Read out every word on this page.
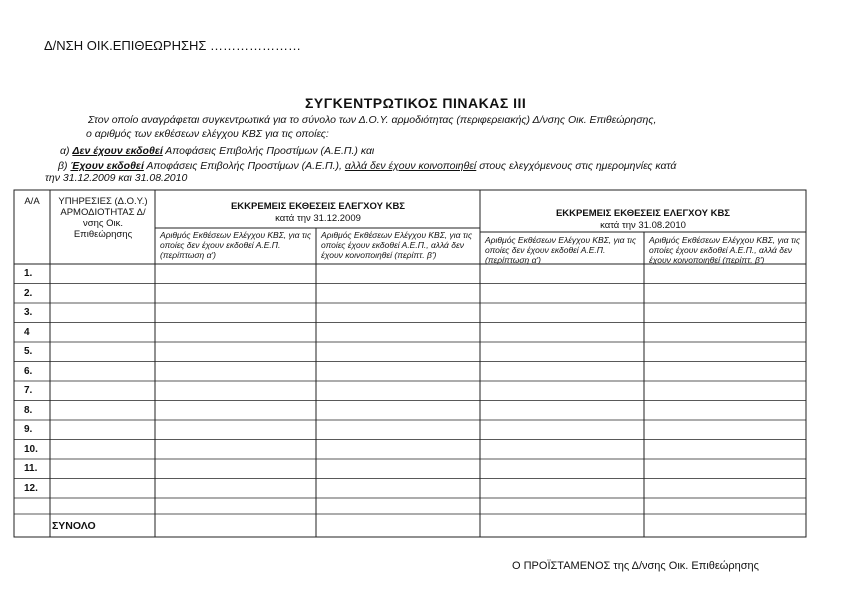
Δ/ΝΣΗ ΟΙΚ.ΕΠΙΘΕΩΡΗΣΗΣ …………………
ΣΥΓΚΕΝΤΡΩΤΙΚΟΣ ΠΙΝΑΚΑΣ ΙΙΙ
Στον οποίο αναγράφεται συγκεντρωτικά για το σύνολο των Δ.Ο.Υ. αρμοδιότητας (περιφερειακής) Δ/νσης Οικ. Επιθεώρησης,
ο αριθμός των εκθέσεων ελέγχου ΚΒΣ για τις οποίες:
α) Δεν έχουν εκδοθεί Αποφάσεις Επιβολής Προστίμων (Α.Ε.Π.) και
β) Έχουν εκδοθεί Αποφάσεις Επιβολής Προστίμων (Α.Ε.Π.), αλλά δεν έχουν κοινοποιηθεί στους ελεγχόμενους στις ημερομηνίες κατά
την 31.12.2009 και 31.08.2010
Α/Α	ΥΠΗΡΕΣΙΕΣ (Δ.Ο.Υ.) ΑΡΜΟΔΙΟΤΗΤΑΣ Δ/νσης Οικ. Επιθεώρησης
ΕΚΚΡΕΜΕΙΣ ΕΚΘΕΣΕΙΣ ΕΛΕΓΧΟΥ ΚΒΣ
κατά την 31.12.2009	ΕΚΚΡΕΜΕΙΣ ΕΚΘΕΣΕΙΣ ΕΛΕΓΧΟΥ ΚΒΣ
κατά την 31.08.2010
Αριθμός Εκθέσεων Ελέγχου ΚΒΣ, για τις οποίες δεν έχουν εκδοθεί Α.Ε.Π. (περίπτωση α')
Αριθμός Εκθέσεων Ελέγχου ΚΒΣ, για τις οποίες έχουν εκδοθεί Α.Ε.Π., αλλά δεν έχουν κοινοποιηθεί (περίπτ. β')
Αριθμός Εκθέσεων Ελέγχου ΚΒΣ, για τις οποίες δεν έχουν εκδοθεί Α.Ε.Π. (περίπτωση α')
Αριθμός Εκθέσεων Ελέγχου ΚΒΣ, για τις οποίες έχουν εκδοθεί Α.Ε.Π., αλλά δεν έχουν κοινοποιηθεί (περίπτ. β')
1.
2.
3.
4
5.
6.
7.
8.
9.
10.
11.
12.
ΣΥΝΟΛΟ
Ο ΠΡΟΪΣΤΑΜΕΝΟΣ της Δ/νσης Οικ. Επιθεώρησης
